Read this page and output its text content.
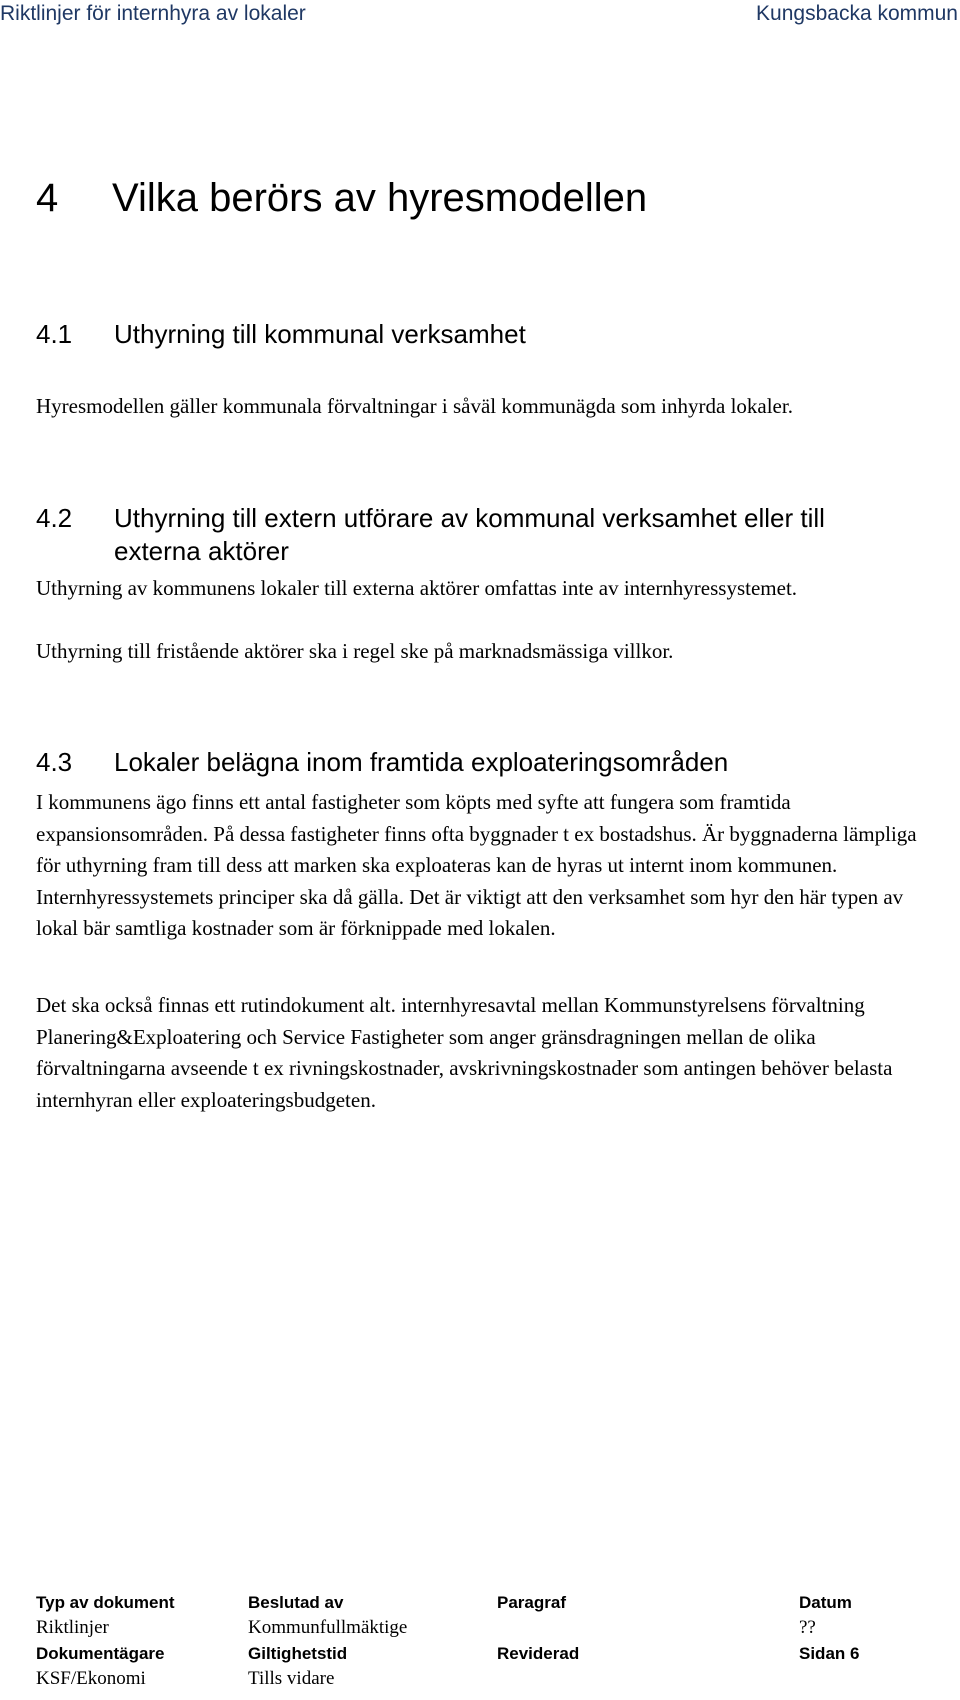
Riktlinjer för internhyra av lokaler	Kungsbacka kommun
4 Vilka berörs av hyresmodellen
4.1 Uthyrning till kommunal verksamhet
Hyresmodellen gäller kommunala förvaltningar i såväl kommunägda som inhyrda lokaler.
4.2 Uthyrning till extern utförare av kommunal verksamhet eller till externa aktörer
Uthyrning av kommunens lokaler till externa aktörer omfattas inte av internhyressystemet.
Uthyrning till fristående aktörer ska i regel ske på marknadsmässiga villkor.
4.3 Lokaler belägna inom framtida exploateringsområden
I kommunens ägo finns ett antal fastigheter som köpts med syfte att fungera som framtida expansionsområden. På dessa fastigheter finns ofta byggnader t ex bostadshus. Är byggnaderna lämpliga för uthyrning fram till dess att marken ska exploateras kan de hyras ut internt inom kommunen. Internhyressystemets principer ska då gälla. Det är viktigt att den verksamhet som hyr den här typen av lokal bär samtliga kostnader som är förknippade med lokalen.
Det ska också finnas ett rutindokument alt. internhyresavtal mellan Kommunstyrelsens förvaltning Planering&Exploatering och Service Fastigheter som anger gränsdragningen mellan de olika förvaltningarna avseende t ex rivningskostnader, avskrivningskostnader som antingen behöver belasta internhyran eller exploateringsbudgeten.
Typ av dokument
Riktlinjer
Dokumentägare
KSF/Ekonomi
Beslutad av
Kommunfullmäktige
Giltighetstid
Tills vidare
Paragraf
Reviderad
Datum
??
Sidan 6
